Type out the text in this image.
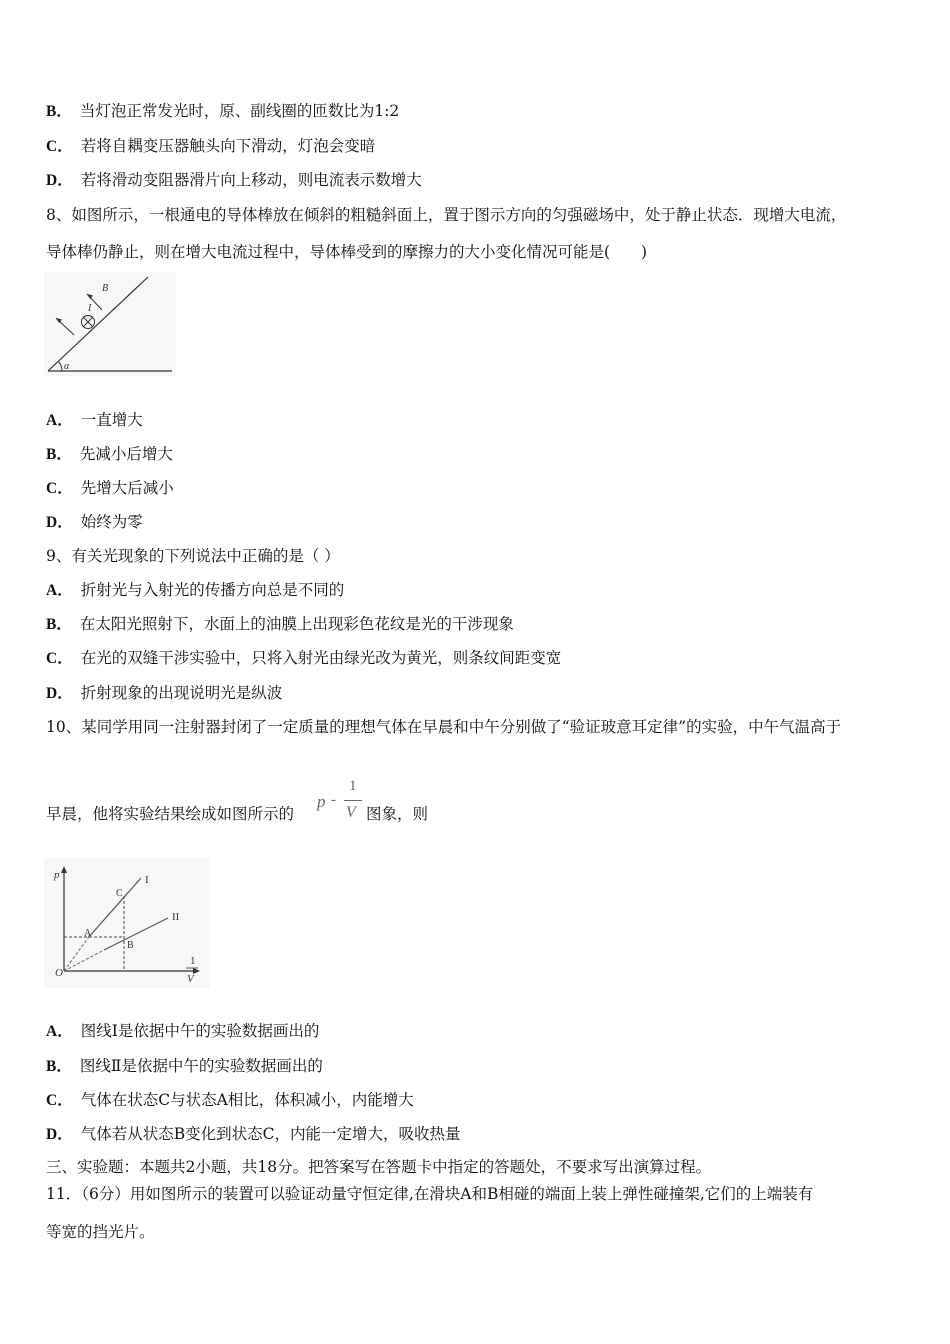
B． 当灯泡正常发光时，原、副线圈的匝数比为1:2
C． 若将自耦变压器触头向下滑动，灯泡会变暗
D． 若将滑动变阻器滑片向上移动，则电流表示数增大
8、如图所示，一根通电的导体棒放在倾斜的粗糙斜面上，置于图示方向的匀强磁场中，处于静止状态．现增大电流，
导体棒仍静止，则在增大电流过程中，导体棒受到的摩擦力的大小变化情况可能是(　　)
α
I
B
A． 一直增大
B． 先减小后增大
C． 先增大后减小
D． 始终为零
9、有关光现象的下列说法中正确的是（ ）
A． 折射光与入射光的传播方向总是不同的
B． 在太阳光照射下，水面上的油膜上出现彩色花纹是光的干涉现象
C． 在光的双缝干涉实验中，只将入射光由绿光改为黄光，则条纹间距变宽
D． 折射现象的出现说明光是纵波
10、某同学用同一注射器封闭了一定质量的理想气体在早晨和中午分别做了“验证玻意耳定律”的实验，中午气温高于
早晨，他将实验结果绘成如图所示的
p -
1
V 图象，则
p
O
1
V
I
II
A
B
C
A． 图线Ⅰ是依据中午的实验数据画出的
B． 图线Ⅱ是依据中午的实验数据画出的
C． 气体在状态C与状态A相比，体积减小，内能增大
D． 气体若从状态B变化到状态C，内能一定增大，吸收热量
三、实验题：本题共2小题，共18分。把答案写在答题卡中指定的答题处，不要求写出演算过程。
11．（6分）用如图所示的装置可以验证动量守恒定律,在滑块A和B相碰的端面上装上弹性碰撞架,它们的上端装有
等宽的挡光片。
